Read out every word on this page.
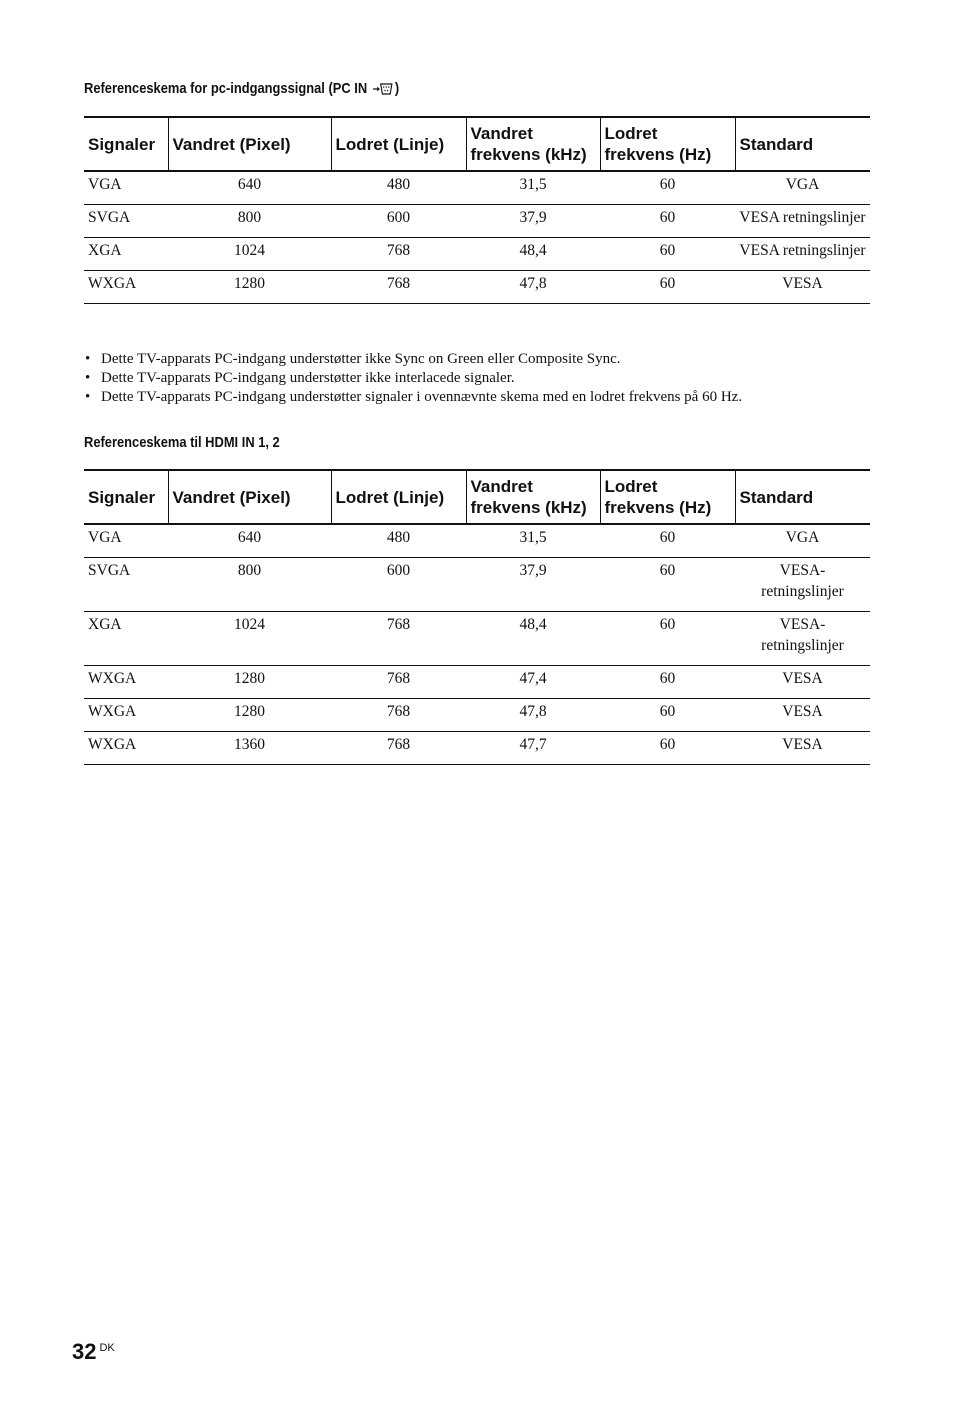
Referenceskema for pc-indgangssignal (PC IN )
Signaler	Vandret (Pixel)	Lodret (Linje)	Vandret frekvens (kHz)	Lodret frekvens (Hz)	Standard
VGA	640	480	31,5	60	VGA
SVGA	800	600	37,9	60	VESA retningslinjer
XGA	1024	768	48,4	60	VESA retningslinjer
WXGA	1280	768	47,8	60	VESA
• Dette TV-apparats PC-indgang understøtter ikke Sync on Green eller Composite Sync.
• Dette TV-apparats PC-indgang understøtter ikke interlacede signaler.
• Dette TV-apparats PC-indgang understøtter signaler i ovennævnte skema med en lodret frekvens på 60 Hz.
Referenceskema til HDMI IN 1, 2
Signaler	Vandret (Pixel)	Lodret (Linje)	Vandret frekvens (kHz)	Lodret frekvens (Hz)	Standard
VGA	640	480	31,5	60	VGA
SVGA	800	600	37,9	60	VESA-retningslinjer
XGA	1024	768	48,4	60	VESA-retningslinjer
WXGA	1280	768	47,4	60	VESA
WXGA	1280	768	47,8	60	VESA
WXGA	1360	768	47,7	60	VESA
32 $^{DK}$
